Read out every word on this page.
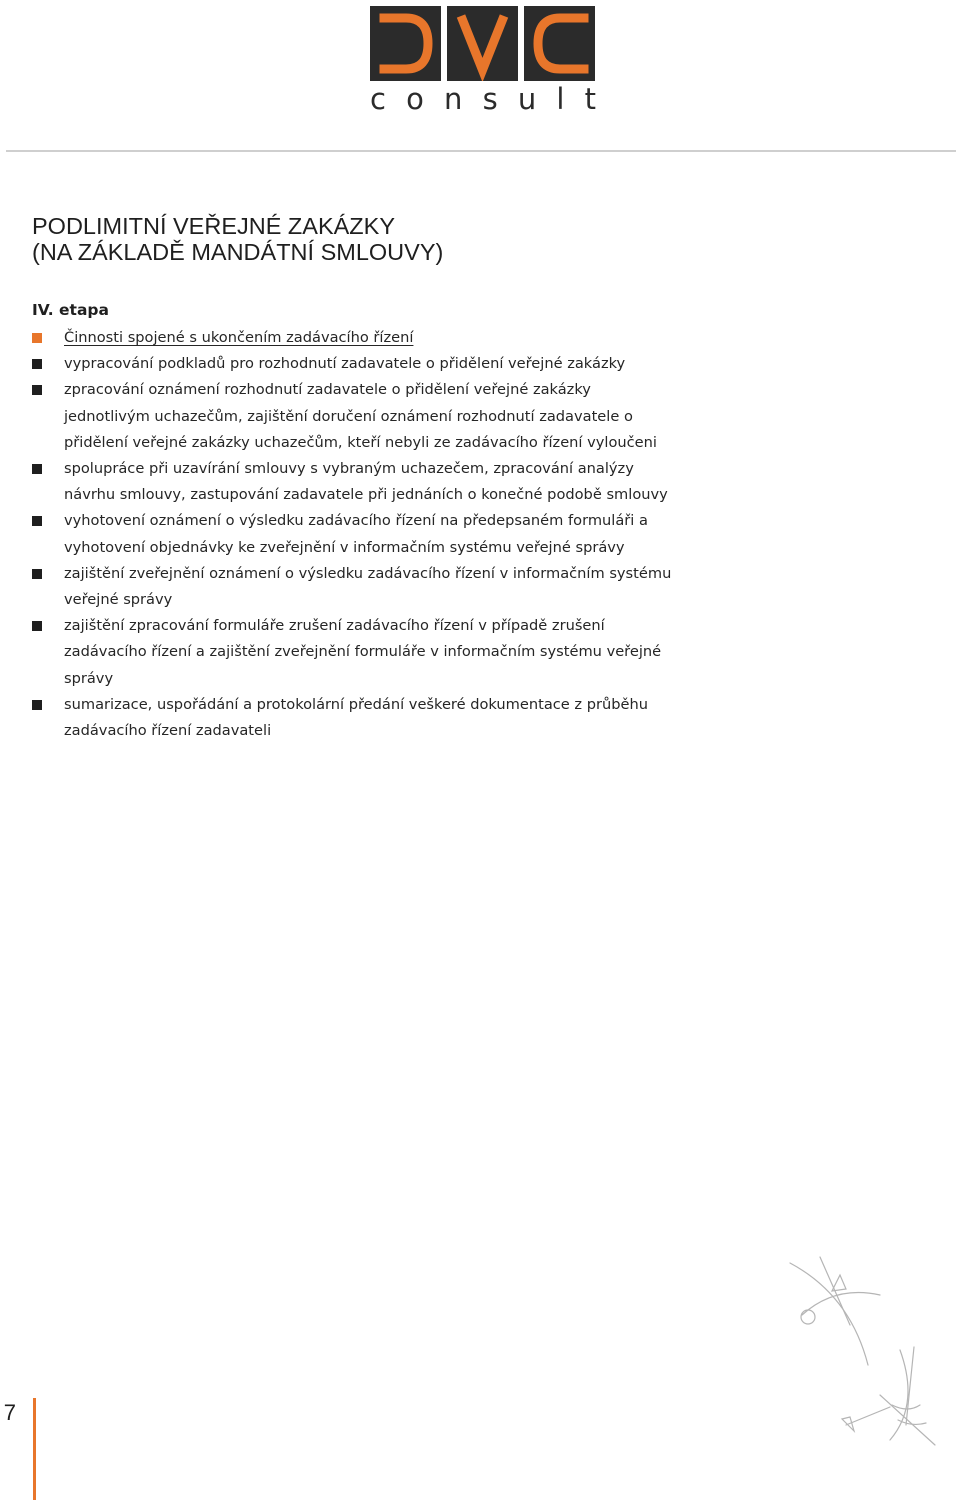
c o n s u l t
PODLIMITNÍ VEŘEJNÉ ZAKÁZKY
(NA ZÁKLADĚ MANDÁTNÍ SMLOUVY)
IV. etapa
Činnosti spojené s ukončením zadávacího řízení
vypracování podkladů pro rozhodnutí zadavatele o přidělení veřejné zakázky
zpracování oznámení rozhodnutí zadavatele o přidělení veřejné zakázky jednotlivým uchazečům, zajištění doručení oznámení rozhodnutí zadavatele o přidělení veřejné zakázky uchazečům, kteří nebyli ze zadávacího řízení vyloučeni
spolupráce při uzavírání smlouvy s vybraným uchazečem, zpracování analýzy návrhu smlouvy, zastupování zadavatele při jednáních o konečné podobě smlouvy
vyhotovení oznámení o výsledku zadávacího řízení na předepsaném formuláři a vyhotovení objednávky ke zveřejnění v informačním systému veřejné správy
zajištění zveřejnění oznámení o výsledku zadávacího řízení v informačním systému veřejné správy
zajištění zpracování formuláře zrušení zadávacího řízení v případě zrušení zadávacího řízení a zajištění zveřejnění formuláře v informačním systému veřejné správy
sumarizace, uspořádání a protokolární předání veškeré dokumentace z průběhu zadávacího řízení zadavateli
7
